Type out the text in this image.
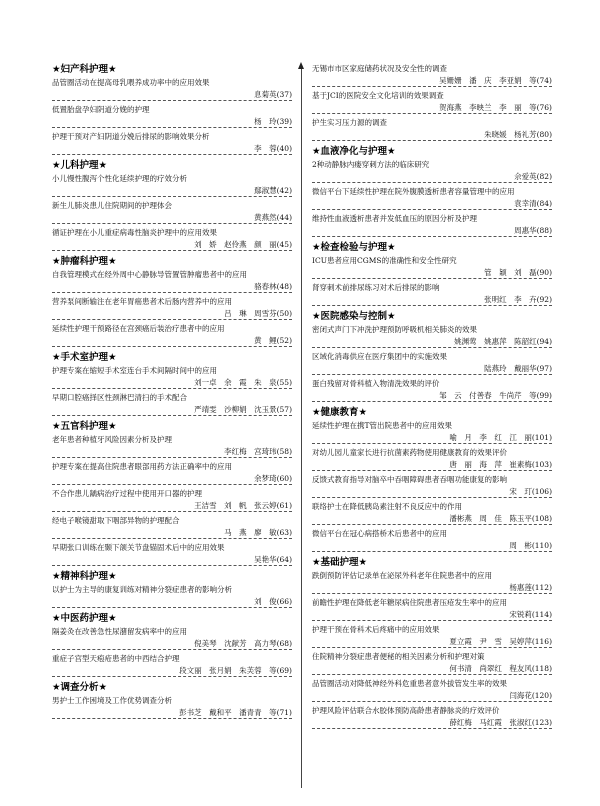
★妇产科护理★
品管圈活动在提高母乳喂养成功率中的应用效果
息菊英(37)
低置胎盘孕妇阴道分娩的护理
杨　玲(39)
护理干预对产妇阴道分娩后排尿的影响效果分析
李　蓉(40)
★儿科护理★
小儿慢性腹泻个性化延续护理的疗效分析
鄢淑慧(42)
新生儿肺炎患儿住院期间的护理体会
黄燕然(44)
循证护理在小儿重症病毒性脑炎护理中的应用效果
刘　娇　赵伶燕　颜　丽(45)
★肿瘤科护理★
自我管理模式在经外周中心静脉导管置管肿瘤患者中的应用
骆春林(48)
营养泵间断输注在老年胃癌患者术后肠内营养中的应用
吕　琳　周雪芬(50)
延续性护理干预路径在宫颈癌后装治疗患者中的应用
黄　鲤(52)
★手术室护理★
护理专案在缩短手术室连台手术间隔时间中的应用
刘一卓　余　霞　朱　泉(55)
早期口腔癌择区性颈淋巴清扫的手术配合
严靖雯　沙柳娟　沈玉景(57)
★五官科护理★
老年患者种植牙风险因素分析及护理
李红梅　宫琦玮(58)
护理专案在提高住院患者眼部用药方法正确率中的应用
余梦琦(60)
不合作患儿龋病治疗过程中使用开口器的护理
王洁雪　刘　帆　张云婷(61)
经电子喉镜甜取下咽部异物的护理配合
马　燕　廖　敏(63)
早期张口训练在颞下颌关节盘锚固术后中的应用效果
吴艳华(64)
★精神科护理★
以护士为主导的康复训练对精神分裂症患者的影响分析
刘　俊(66)
★中医药护理★
隔姜灸在改善急性尿潴留发病率中的应用
倪美琴　沈献芳　高力琴(68)
重症子宫型天疱疮患者的中西结合护理
段文丽　张月娟　朱芙蓉　等(69)
★调查分析★
男护士工作困境及工作优势调查分析
彭书芝　戴和平　潘青青　等(71)
无锡市市区家庭储药状况及安全性的调查
吴姗姗　潘　庆　李亚娟　等(74)
基于JCI的医院安全文化培训的效果调查
贺海燕　李映兰　李　丽　等(76)
护生实习压力源的调查
朱晓媛　杨礼芳(80)
★血液净化与护理★
2种动静脉内瘘穿刺方法的临床研究
佘爱英(82)
微信平台下延续性护理在院外腹膜透析患者容量管理中的应用
袁幸清(84)
维持性血液透析患者并发低血压的原因分析及护理
周惠华(88)
★检查检验与护理★
ICU患者应用CGMS的准确性和安全性研究
管　颖　刘　磊(90)
肾穿刺术前排尿练习对术后排尿的影响
张明红　李　卉(92)
★医院感染与控制★
密闭式声门下冲洗护理预防呼吸机相关肺炎的效果
姚渊莺　姚惠萍　陈韶红(94)
区域化消毒供应在医疗集团中的实施效果
陆燕玲　戴丽华(97)
蛋白残留对骨科植入物清洗效果的评价
邹　云　付善春　牛尚芹　等(99)
★健康教育★
延续性护理在携T管出院患者中的应用效果
喻　月　李　红　江　丽(101)
对幼儿园儿童家长进行抗菌素药物使用健康教育的效果评价
唐　丽　海　萍　崔素梅(103)
反馈式教育指导对脑卒中吞咽障碍患者吞咽功能康复的影响
宋　玎(106)
联络护士在降低胰岛素注射不良反应中的作用
潘彬燕　周　佳　陈玉平(108)
微信平台在冠心病搭桥术后患者中的应用
周　彬(110)
★基础护理★
跌倒预防评估记录单在泌尿外科老年住院患者中的应用
杨惠莲(112)
前瞻性护理在降低老年糖尿病住院患者压疮发生率中的应用
宋锐莉(114)
护理干预在骨科术后疼痛中的应用效果
夏立霞　尹　雪　吴婷萍(116)
住院精神分裂症患者便秘的相关因素分析和护理对策
何书清　尚翠红　程友风(118)
品管圈活动对降低神经外科危重患者意外拔管发生率的效果
闫海花(120)
护理风险评估联合水胶体预防高龄患者静脉炎的疗效评价
薛红梅　马红霞　张淑红(123)
